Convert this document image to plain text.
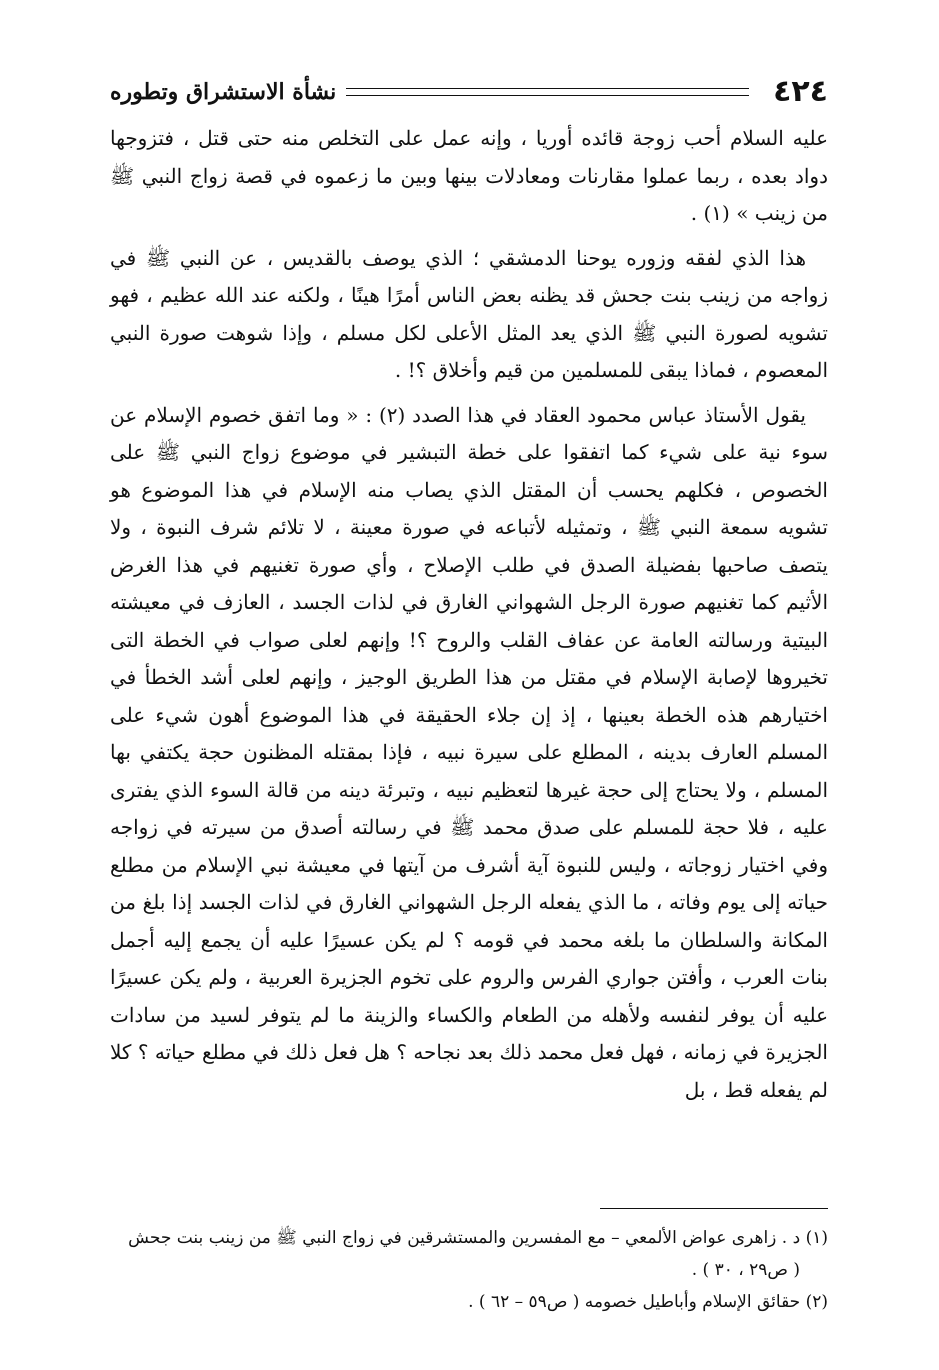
٤٢٤
نشأة الاستشراق وتطوره

عليه السلام أحب زوجة قائده أوريا ، وإنه عمل على التخلص منه حتى قتل ، فتزوجها دواد بعده ، ربما عملوا مقارنات ومعادلات بينها وبين ما زعموه في قصة زواج النبي ﷺ من زينب » (١) .

هذا الذي لفقه وزوره يوحنا الدمشقي ؛ الذي يوصف بالقديس ، عن النبي ﷺ في زواجه من زينب بنت جحش قد يظنه بعض الناس أمرًا هينًا ، ولكنه عند الله عظيم ، فهو تشويه لصورة النبي ﷺ الذي يعد المثل الأعلى لكل مسلم ، وإذا شوهت صورة النبي المعصوم ، فماذا يبقى للمسلمين من قيم وأخلاق ؟! .

يقول الأستاذ عباس محمود العقاد في هذا الصدد (٢) : « وما اتفق خصوم الإسلام عن سوء نية على شيء كما اتفقوا على خطة التبشير في موضوع زواج النبي ﷺ على الخصوص ، فكلهم يحسب أن المقتل الذي يصاب منه الإسلام في هذا الموضوع هو تشويه سمعة النبي ﷺ ، وتمثيله لأتباعه في صورة معينة ، لا تلائم شرف النبوة ، ولا يتصف صاحبها بفضيلة الصدق في طلب الإصلاح ، وأي صورة تغنيهم في هذا الغرض الأثيم كما تغنيهم صورة الرجل الشهواني الغارق في لذات الجسد ، العازف في معيشته البيتية ورسالته العامة عن عفاف القلب والروح ؟! وإنهم لعلى صواب في الخطة التى تخيروها لإصابة الإسلام في مقتل من هذا الطريق الوجيز ، وإنهم لعلى أشد الخطأ في اختيارهم هذه الخطة بعينها ، إذ إن جلاء الحقيقة في هذا الموضوع أهون شيء على المسلم العارف بدينه ، المطلع على سيرة نبيه ، فإذا بمقتله المظنون حجة يكتفي بها المسلم ، ولا يحتاج إلى حجة غيرها لتعظيم نبيه ، وتبرئة دينه من قالة السوء الذي يفترى عليه ، فلا حجة للمسلم على صدق محمد ﷺ في رسالته أصدق من سيرته في زواجه وفي اختيار زوجاته ، وليس للنبوة آية أشرف من آيتها في معيشة نبي الإسلام من مطلع حياته إلى يوم وفاته ، ما الذي يفعله الرجل الشهواني الغارق في لذات الجسد إذا بلغ من المكانة والسلطان ما بلغه محمد في قومه ؟ لم يكن عسيرًا عليه أن يجمع إليه أجمل بنات العرب ، وأفتن جواري الفرس والروم على تخوم الجزيرة العربية ، ولم يكن عسيرًا عليه أن يوفر لنفسه ولأهله من الطعام والكساء والزينة ما لم يتوفر لسيد من سادات الجزيرة في زمانه ، فهل فعل محمد ذلك بعد نجاحه ؟ هل فعل ذلك في مطلع حياته ؟ كلا لم يفعله قط ، بل

(١) د . زاهرى عواض الألمعي – مع المفسرين والمستشرقين في زواج النبي ﷺ من زينب بنت جحش

( ص٢٩ ، ٣٠ ) .

(٢) حقائق الإسلام وأباطيل خصومه ( ص٥٩ – ٦٢ ) .
